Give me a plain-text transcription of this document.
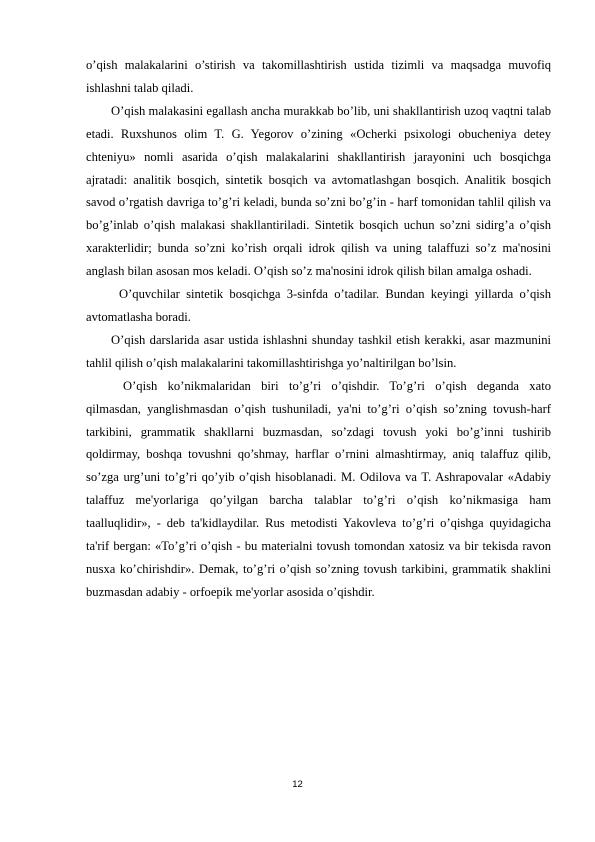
o’qish malakalarini o’stirish va takomillashtirish ustida tizimli va maqsadga muvofiq ishlashni talab qiladi.

O’qish malakasini egallash ancha murakkab bo’lib, uni shakllantirish uzoq vaqtni talab etadi. Ruxshunos olim T. G. Yegorov o’zining «Ocherki psixologi obucheniya detey chteniyu» nomli asarida o’qish malakalarini shakllantirish jarayonini uch bosqichga ajratadi: analitik bosqich, sintetik bosqich va avtomatlashgan bosqich. Analitik bosqich savod o’rgatish davriga to’g’ri keladi, bunda so’zni bo’g’in - harf tomonidan tahlil qilish va bo’g’inlab o’qish malakasi shakllantiriladi. Sintetik bosqich uchun so’zni sidirg’a o’qish xarakterlidir; bunda so’zni ko’rish orqali idrok qilish va uning talaffuzi so’z ma'nosini anglash bilan asosan mos keladi. O’qish so’z ma'nosini idrok qilish bilan amalga oshadi.

O’quvchilar sintetik bosqichga 3-sinfda o’tadilar. Bundan keyingi yillarda o’qish avtomatlasha boradi.

O’qish darslarida asar ustida ishlashni shunday tashkil etish kerakki, asar mazmunini tahlil qilish o’qish malakalarini takomillashtirishga yo’naltirilgan bo’lsin.

O’qish ko’nikmalaridan biri to’g’ri o’qishdir. To’g’ri o’qish deganda xato qilmasdan, yanglishmasdan o’qish tushuniladi, ya'ni to’g’ri o’qish so’zning tovush-harf tarkibini, grammatik shakllarni buzmasdan, so’zdagi tovush yoki bo’g’inni tushirib qoldirmay, boshqa tovushni qo’shmay, harflar o’rnini almashtirmay, aniq talaffuz qilib, so’zga urg’uni to’g’ri qo’yib o’qish hisoblanadi. M. Odilova va T. Ashrapovalar «Adabiy talaffuz me'yorlariga qo’yilgan barcha talablar to’g’ri o’qish ko’nikmasiga ham taalluqlidir», - deb ta'kidlaydilar. Rus metodisti Yakovleva to’g’ri o’qishga quyidagicha ta'rif bergan: «To’g’ri o’qish - bu materialni tovush tomondan xatosiz va bir tekisda ravon nusxa ko’chirishdir». Demak, to’g’ri o’qish so’zning tovush tarkibini, grammatik shaklini buzmasdan adabiy - orfoepik me'yorlar asosida o’qishdir.

12
